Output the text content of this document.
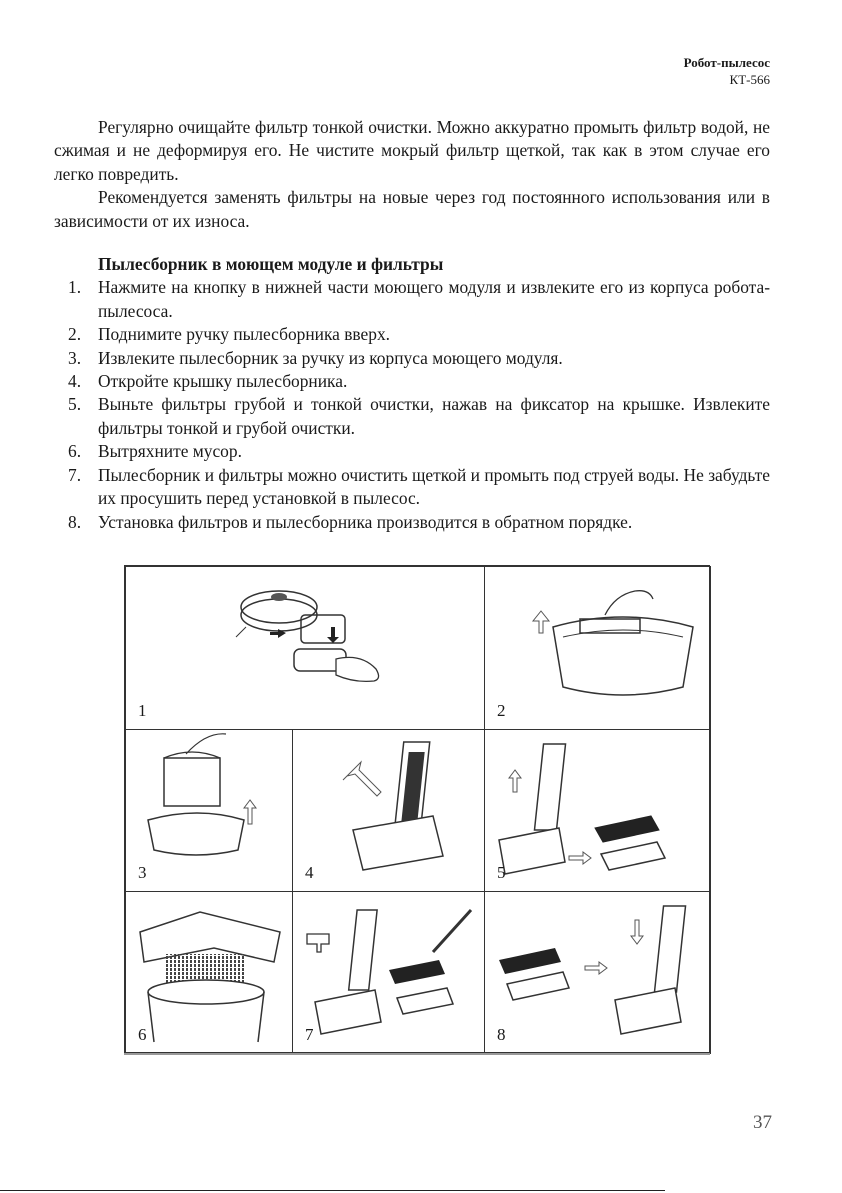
Робот-пылесос
КТ-566

Регулярно очищайте фильтр тонкой очистки. Можно аккуратно промыть фильтр водой, не сжимая и не деформируя его. Не чистите мокрый фильтр щеткой, так как в этом случае его легко повредить.

Рекомендуется заменять фильтры на новые через год постоянного использования или в зависимости от их износа.

Пылесборник в моющем модуле и фильтры

1. Нажмите на кнопку в нижней части моющего модуля и извлеките его из корпуса робота-пылесоса.
2. Поднимите ручку пылесборника вверх.
3. Извлеките пылесборник за ручку из корпуса моющего модуля.
4. Откройте крышку пылесборника.
5. Выньте фильтры грубой и тонкой очистки, нажав на фиксатор на крышке. Извлеките фильтры тонкой и грубой очистки.
6. Вытряхните мусор.
7. Пылесборник и фильтры можно очистить щеткой и промыть под струей воды. Не забудьте их просушить перед установкой в пылесос.
8. Установка фильтров и пылесборника производится в обратном порядке.
1	2
3	4	5
6	7	8
37
